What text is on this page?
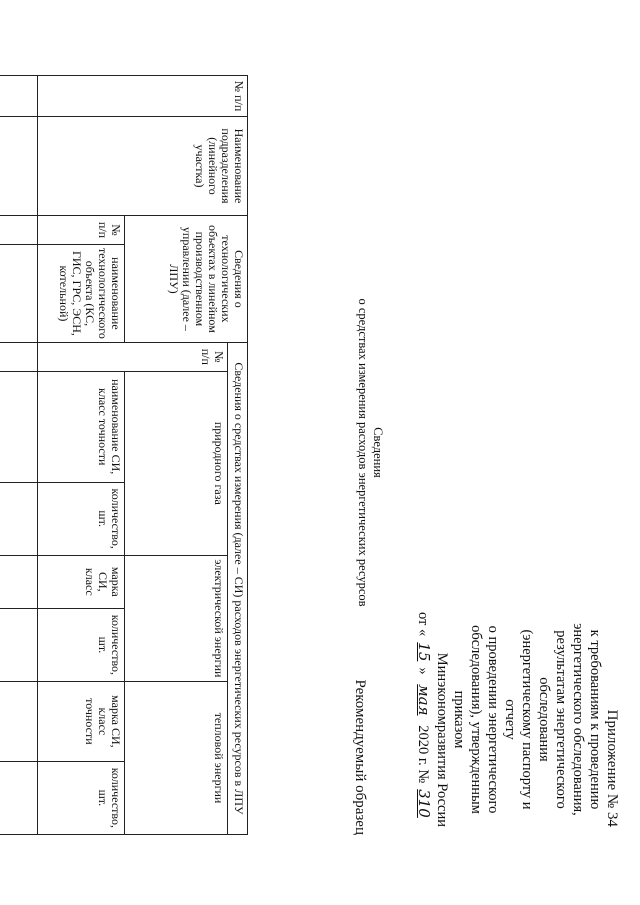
Приложение № 34
к требованиям к проведению
энергетического обследования,
результатам энергетического
обследования
(энергетическому паспорту и отчету
о проведении энергетического
обследования), утвержденным приказом
Минэкономразвития России
от «15» мая 2020 г. №310
Рекомендуемый образец
Сведения
о средствах измерения расходов энергетических ресурсов
№ п/п	Наименование подразделения (линейного участка)	Сведения о технологических объектах в линейном производственном управлении (далее – ЛПУ)		Сведения о средствах измерения (далее – СИ) расходов энергетических ресурсов в ЛПУ						
				№ п/п	природного газа		электрической энергии		тепловой энергии	
		№ п/п	наименование технологического объекта (КС, ГИС, ГРС, ЭСН, котельной)		наименование СИ, класс точности	количество, шт.	марка СИ, класс	количество, шт.	марка СИ, класс точности	количество, шт.
